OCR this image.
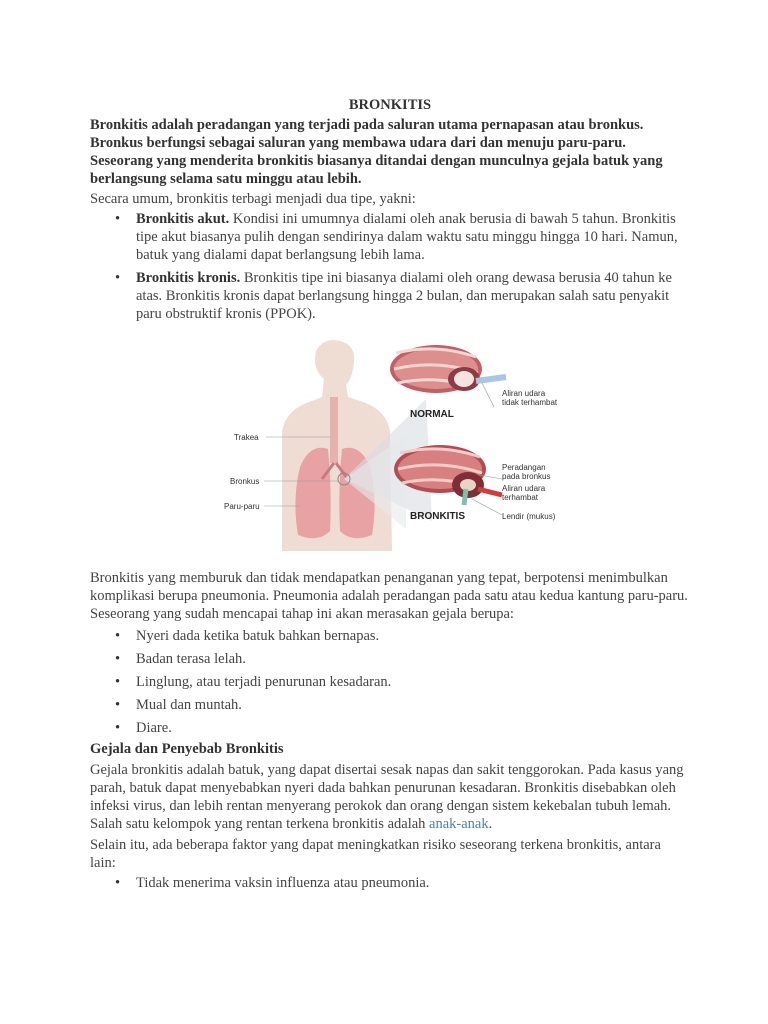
BRONKITIS

Bronkitis adalah peradangan yang terjadi pada saluran utama pernapasan atau bronkus. Bronkus berfungsi sebagai saluran yang membawa udara dari dan menuju paru-paru. Seseorang yang menderita bronkitis biasanya ditandai dengan munculnya gejala batuk yang berlangsung selama satu minggu atau lebih.

Secara umum, bronkitis terbagi menjadi dua tipe, yakni:

• Bronkitis akut. Kondisi ini umumnya dialami oleh anak berusia di bawah 5 tahun. Bronkitis tipe akut biasanya pulih dengan sendirinya dalam waktu satu minggu hingga 10 hari. Namun, batuk yang dialami dapat berlangsung lebih lama.
• Bronkitis kronis. Bronkitis tipe ini biasanya dialami oleh orang dewasa berusia 40 tahun ke atas. Bronkitis kronis dapat berlangsung hingga 2 bulan, dan merupakan salah satu penyakit paru obstruktif kronis (PPOK).
Trakea
Bronkus
Paru-paru
NORMAL
BRONKITIS
Aliran udara tidak terhambat
Peradangan pada bronkus
Aliran udara terhambat
Lendir (mukus)

Bronkitis yang memburuk dan tidak mendapatkan penanganan yang tepat, berpotensi menimbulkan komplikasi berupa pneumonia. Pneumonia adalah peradangan pada satu atau kedua kantung paru-paru. Seseorang yang sudah mencapai tahap ini akan merasakan gejala berupa:

• Nyeri dada ketika batuk bahkan bernapas.
• Badan terasa lelah.
• Linglung, atau terjadi penurunan kesadaran.
• Mual dan muntah.
• Diare.

Gejala dan Penyebab Bronkitis

Gejala bronkitis adalah batuk, yang dapat disertai sesak napas dan sakit tenggorokan. Pada kasus yang parah, batuk dapat menyebabkan nyeri dada bahkan penurunan kesadaran. Bronkitis disebabkan oleh infeksi virus, dan lebih rentan menyerang perokok dan orang dengan sistem kekebalan tubuh lemah. Salah satu kelompok yang rentan terkena bronkitis adalah anak-anak.

Selain itu, ada beberapa faktor yang dapat meningkatkan risiko seseorang terkena bronkitis, antara lain:

• Tidak menerima vaksin influenza atau pneumonia.
